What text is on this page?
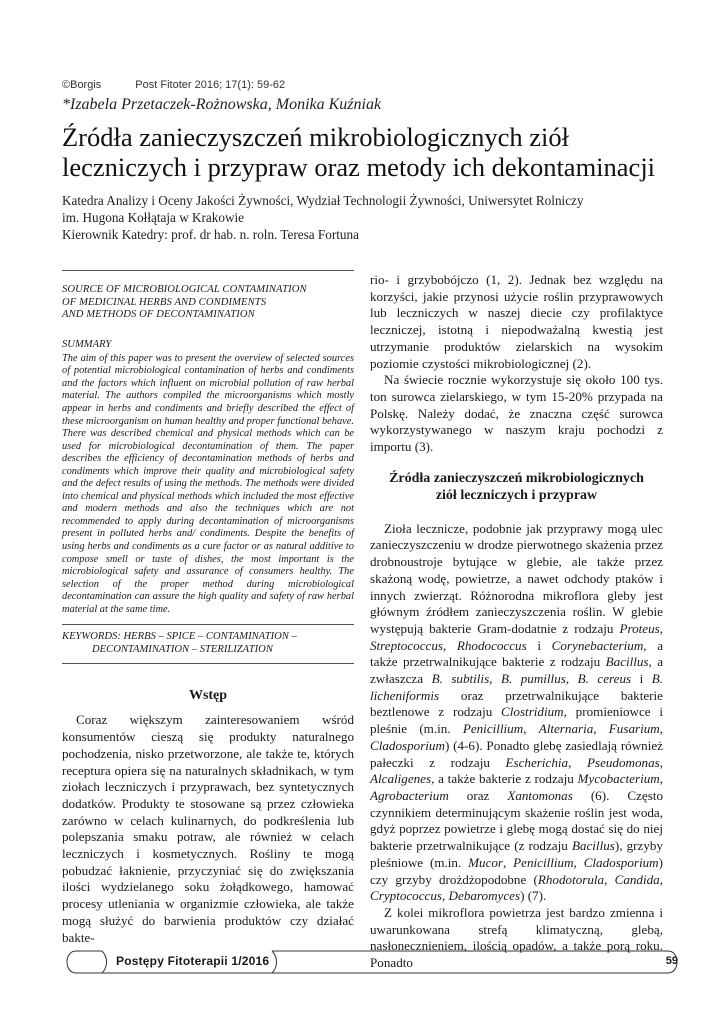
©Borgis	Post Fitoter 2016; 17(1): 59-62
*Izabela Przetaczek-Rożnowska, Monika Kuźniak
Źródła zanieczyszczeń mikrobiologicznych ziół leczniczych i przypraw oraz metody ich dekontaminacji
Katedra Analizy i Oceny Jakości Żywności, Wydział Technologii Żywności, Uniwersytet Rolniczy
im. Hugona Kołłątaja w Krakowie
Kierownik Katedry: prof. dr hab. n. roln. Teresa Fortuna
SOURCE OF MICROBIOLOGICAL CONTAMINATION
OF MEDICINAL HERBS AND CONDIMENTS
AND METHODS OF DECONTAMINATION
SUMMARY

The aim of this paper was to present the overview of selected sources of potential microbiological contamination of herbs and condiments and the factors which influent on microbial pollution of raw herbal material. The authors compiled the microorganisms which mostly appear in herbs and condiments and briefly described the effect of these microorganism on human healthy and proper functional behave. There was described chemical and physical methods which can be used for microbiological decontamination of them. The paper describes the efficiency of decontamination methods of herbs and condiments which improve their quality and microbiological safety and the defect results of using the methods. The methods were divided into chemical and physical methods which included the most effective and modern methods and also the techniques which are not recommended to apply during decontamination of microorganisms present in polluted herbs and/ condiments. Despite the benefits of using herbs and condiments as a cure factor or as natural additive to compose smell or taste of dishes, the most important is the microbiological safety and assurance of consumers healthy. The selection of the proper method during microbiological decontamination can assure the high quality and safety of raw herbal material at the same time.

KEYWORDS: HERBS – SPICE – CONTAMINATION –
DECONTAMINATION – STERILIZATION
Wstęp

Coraz większym zainteresowaniem wśród konsumentów cieszą się produkty naturalnego pochodzenia, nisko przetworzone, ale także te, których receptura opiera się na naturalnych składnikach, w tym ziołach leczniczych i przyprawach, bez syntetycznych dodatków. Produkty te stosowane są przez człowieka zarówno w celach kulinarnych, do podkreślenia lub polepszania smaku potraw, ale również w celach leczniczych i kosmetycznych. Rośliny te mogą pobudzać łaknienie, przyczyniać się do zwiększania ilości wydzielanego soku żołądkowego, hamować procesy utleniania w organizmie człowieka, ale także mogą służyć do barwienia produktów czy działać bakte-

rio- i grzybobójczo (1, 2). Jednak bez względu na korzyści, jakie przynosi użycie roślin przyprawowych lub leczniczych w naszej diecie czy profilaktyce leczniczej, istotną i niepodważalną kwestią jest utrzymanie produktów zielarskich na wysokim poziomie czystości mikrobiologicznej (2).

Na świecie rocznie wykorzystuje się około 100 tys. ton surowca zielarskiego, w tym 15-20% przypada na Polskę. Należy dodać, że znaczna część surowca wykorzystywanego w naszym kraju pochodzi z importu (3).

Źródła zanieczyszczeń mikrobiologicznych
ziół leczniczych i przypraw

Zioła lecznicze, podobnie jak przyprawy mogą ulec zanieczyszczeniu w drodze pierwotnego skażenia przez drobnoustroje bytujące w glebie, ale także przez skażoną wodę, powietrze, a nawet odchody ptaków i innych zwierząt. Różnorodna mikroflora gleby jest głównym źródłem zanieczyszczenia roślin. W glebie występują bakterie Gram-dodatnie z rodzaju Proteus, Streptococcus, Rhodococcus i Corynebacterium, a także przetrwalnikujące bakterie z rodzaju Bacillus, a zwłaszcza B. subtilis, B. pumillus, B. cereus i B. licheniformis oraz przetrwalnikujące bakterie beztlenowe z rodzaju Clostridium, promieniowce i pleśnie (m.in. Penicillium, Alternaria, Fusarium, Cladosporium) (4-6). Ponadto glebę zasiedlają również pałeczki z rodzaju Escherichia, Pseudomonas, Alcaligenes, a także bakterie z rodzaju Mycobacterium, Agrobacterium oraz Xantomonas (6). Często czynnikiem determinującym skażenie roślin jest woda, gdyż poprzez powietrze i glebę mogą dostać się do niej bakterie przetrwalnikujące (z rodzaju Bacillus), grzyby pleśniowe (m.in. Mucor, Penicillium, Cladosporium) czy grzyby drożdżopodobne (Rhodotorula, Candida, Cryptococcus, Debaromyces) (7).

Z kolei mikroflora powietrza jest bardzo zmienna i uwarunkowana strefą klimatyczną, glebą, nasłonecznieniem, ilością opadów, a także porą roku. Ponadto

Postępy Fitoterapii 1/2016	59
